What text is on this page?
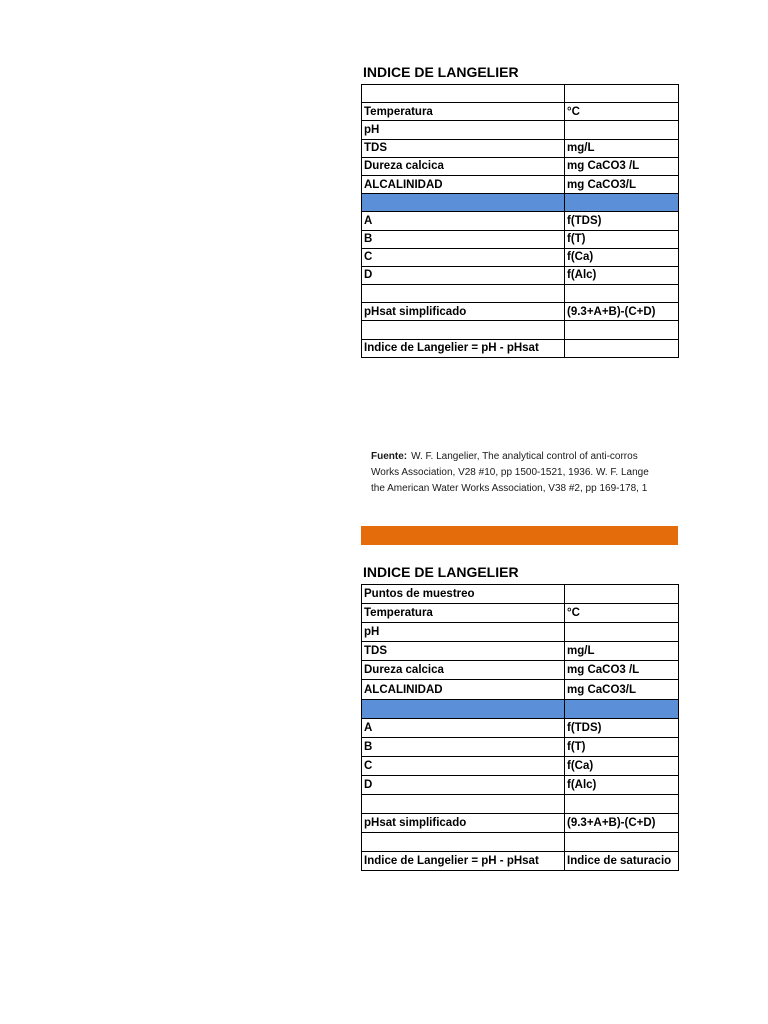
INDICE DE LANGELIER

Temperatura	°C
pH	
TDS	mg/L
Dureza calcica	mg CaCO3 /L
ALCALINIDAD	mg CaCO3/L

A	f(TDS)
B	f(T)
C	f(Ca)
D	f(Alc)

pHsat simplificado	(9.3+A+B)-(C+D)

Indice de Langelier = pH - pHsat	
Fuente: W. F. Langelier, The analytical control of anti-corros
Works Association, V28 #10, pp 1500-1521, 1936. W. F. Lange
the American Water Works Association, V38 #2, pp 169-178, 1
INDICE DE LANGELIER
Puntos de muestreo	
Temperatura	°C
pH	
TDS	mg/L
Dureza calcica	mg CaCO3 /L
ALCALINIDAD	mg CaCO3/L

A	f(TDS)
B	f(T)
C	f(Ca)
D	f(Alc)

pHsat simplificado	(9.3+A+B)-(C+D)

Indice de Langelier = pH - pHsat	Indice de saturacio
